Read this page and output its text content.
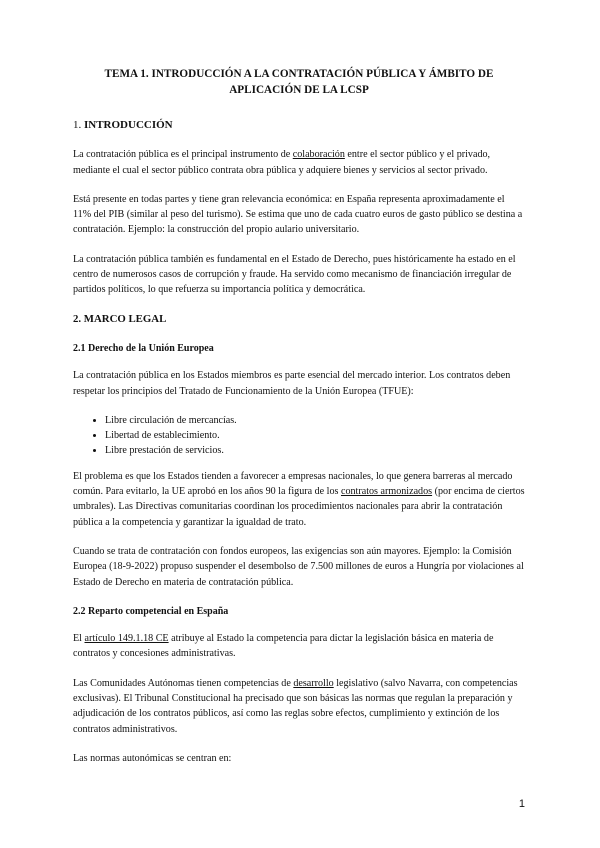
TEMA 1. INTRODUCCIÓN A LA CONTRATACIÓN PÚBLICA Y ÁMBITO DE APLICACIÓN DE LA LCSP
1. INTRODUCCIÓN

La contratación pública es el principal instrumento de colaboración entre el sector público y el privado, mediante el cual el sector público contrata obra pública y adquiere bienes y servicios al sector privado.

Está presente en todas partes y tiene gran relevancia económica: en España representa aproximadamente el 11% del PIB (similar al peso del turismo). Se estima que uno de cada cuatro euros de gasto público se destina a contratación. Ejemplo: la construcción del propio aulario universitario.

La contratación pública también es fundamental en el Estado de Derecho, pues históricamente ha estado en el centro de numerosos casos de corrupción y fraude. Ha servido como mecanismo de financiación irregular de partidos políticos, lo que refuerza su importancia política y democrática.

2. MARCO LEGAL
2.1 Derecho de la Unión Europea

La contratación pública en los Estados miembros es parte esencial del mercado interior. Los contratos deben respetar los principios del Tratado de Funcionamiento de la Unión Europea (TFUE):

• Libre circulación de mercancías.
• Libertad de establecimiento.
• Libre prestación de servicios.

El problema es que los Estados tienden a favorecer a empresas nacionales, lo que genera barreras al mercado común. Para evitarlo, la UE aprobó en los años 90 la figura de los contratos armonizados (por encima de ciertos umbrales). Las Directivas comunitarias coordinan los procedimientos nacionales para abrir la contratación pública a la competencia y garantizar la igualdad de trato.

Cuando se trata de contratación con fondos europeos, las exigencias son aún mayores. Ejemplo: la Comisión Europea (18-9-2022) propuso suspender el desembolso de 7.500 millones de euros a Hungría por violaciones al Estado de Derecho en materia de contratación pública.

2.2 Reparto competencial en España

El artículo 149.1.18 CE atribuye al Estado la competencia para dictar la legislación básica en materia de contratos y concesiones administrativas.

Las Comunidades Autónomas tienen competencias de desarrollo legislativo (salvo Navarra, con competencias exclusivas). El Tribunal Constitucional ha precisado que son básicas las normas que regulan la preparación y adjudicación de los contratos públicos, así como las reglas sobre efectos, cumplimiento y extinción de los contratos administrativos.

Las normas autonómicas se centran en:

1
